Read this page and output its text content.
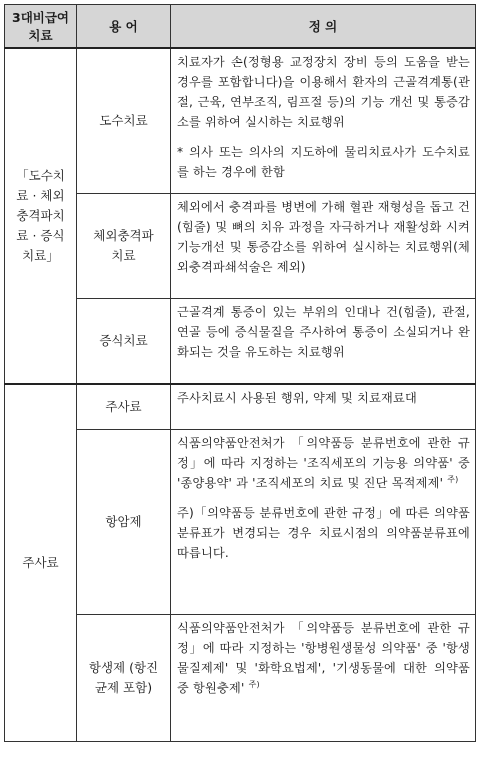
3대비급여 치료	용 어	정 의
「도수치료 · 체외충격파치료 · 증식치료」	도수치료	치료자가 손(정형용 교정장치 장비 등의 도움을 받는 경우를 포함합니다)을 이용해서 환자의 근골격계통(관절, 근육, 연부조직, 림프절 등)의 기능 개선 및 통증감소를 위하여 실시하는 치료행위

* 의사 또는 의사의 지도하에 물리치료사가 도수치료를 하는 경우에 한함

	체외충격파 치료	체외에서 충격파를 병변에 가해 혈관 재형성을 돕고 건(힘줄) 및 뼈의 치유 과정을 자극하거나 재활성화 시켜 기능개선 및 통증감소를 위하여 실시하는 치료행위(체외충격파쇄석술은 제외)
	증식치료	근골격계 통증이 있는 부위의 인대나 건(힘줄), 관절, 연골 등에 증식물질을 주사하여 통증이 소실되거나 완화되는 것을 유도하는 치료행위
주사료	주사료	주사치료시 사용된 행위, 약제 및 치료재료대
	항암제	식품의약품안전처가 「의약품등 분류번호에 관한 규정」에 따라 지정하는 '조직세포의 기능용 의약품' 중 '종양용약' 과 '조직세포의 치료 및 진단 목적제제' $^{주)}$

주)「의약품등 분류번호에 관한 규정」에 따른 의약품분류표가 변경되는 경우 치료시점의 의약품분류표에 따릅니다.

	항생제 (항진균제 포함)	식품의약품안전처가 「의약품등 분류번호에 관한 규정」에 따라 지정하는 '항병원생물성 의약품' 중 '항생물질제제' 및 '화학요법제', '기생동물에 대한 의약품 중 항원충제' $^{주)}$
